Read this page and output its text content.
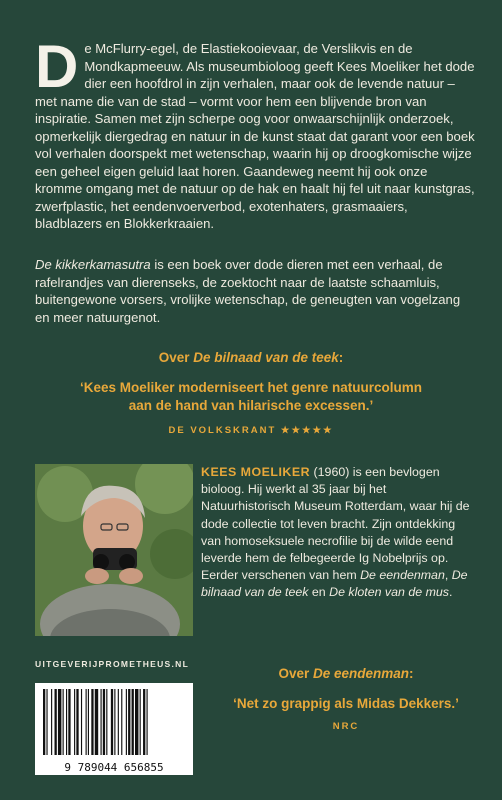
De McFlurry-egel, de Elastiekooievaar, de Verslikvis en de Mondkapmeeuw. Als museumbioloog geeft Kees Moeliker het dode dier een hoofdrol in zijn verhalen, maar ook de levende natuur – met name die van de stad – vormt voor hem een blijvende bron van inspiratie. Samen met zijn scherpe oog voor onwaarschijnlijk onderzoek, opmerkelijk diergedrag en natuur in de kunst staat dat garant voor een boek vol verhalen doorspekt met wetenschap, waarin hij op droogkomische wijze een geheel eigen geluid laat horen. Gaandeweg neemt hij ook onze kromme omgang met de natuur op de hak en haalt hij fel uit naar kunstgras, zwerfplastic, het eendenvoerverbod, exotenhaters, grasmaaiers, bladblazers en Blokkerkraaien.
De kikkerkamasutra is een boek over dode dieren met een verhaal, de rafelrandjes van dierenseks, de zoektocht naar de laatste schaamluis, buitengewone vorsers, vrolijke wetenschap, de geneugten van vogelzang en meer natuurgenot.
Over De bilnaad van de teek:
‘Kees Moeliker moderniseert het genre natuurcolumn
aan de hand van hilarische excessen.’
DE VOLKSKRANT ★★★★★
KEES MOELIKER (1960) is een bevlogen bioloog. Hij werkt al 35 jaar bij het Natuurhistorisch Museum Rotterdam, waar hij de dode collectie tot leven bracht. Zijn ontdekking van homoseksuele necrofilie bij de wilde eend leverde hem de felbegeerde Ig Nobelprijs op. Eerder verschenen van hem De eendenman, De bilnaad van de teek en De kloten van de mus.
UITGEVERIJPROMETHEUS.NL
9 789044 656855
Over De eendenman:
‘Net zo grappig als Midas Dekkers.’
NRC
